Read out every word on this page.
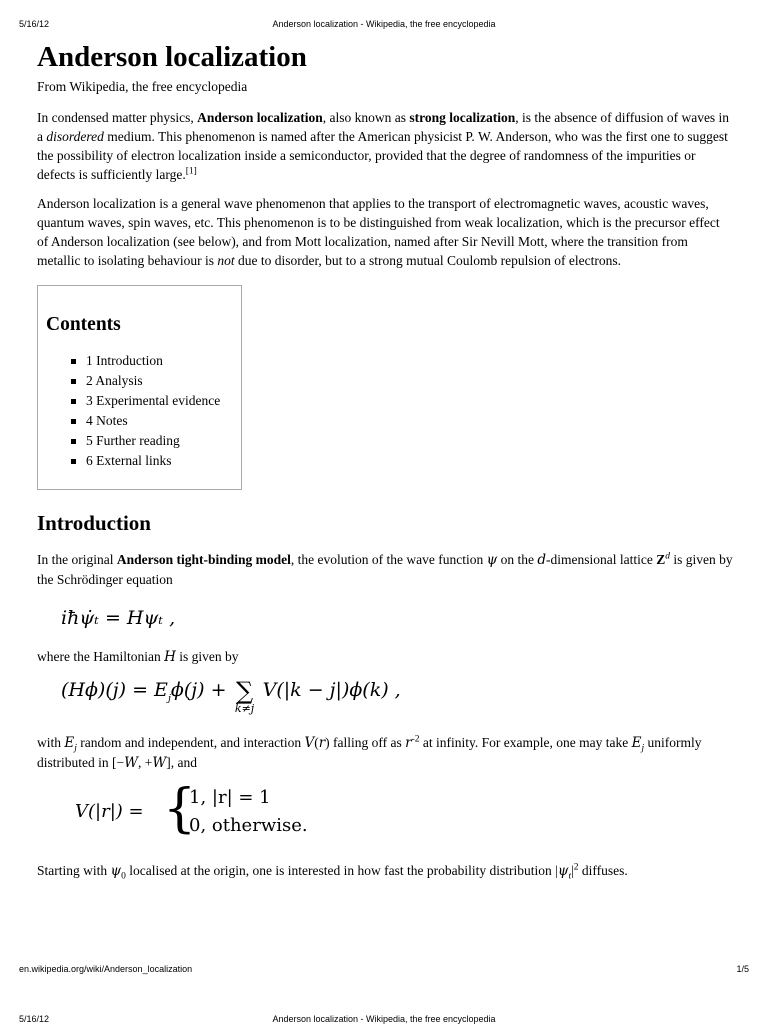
5/16/12	Anderson localization - Wikipedia, the free encyclopedia
Anderson localization
From Wikipedia, the free encyclopedia

In condensed matter physics, Anderson localization, also known as strong localization, is the absence of diffusion of waves in a disordered medium. This phenomenon is named after the American physicist P. W. Anderson, who was the first one to suggest the possibility of electron localization inside a semiconductor, provided that the degree of randomness of the impurities or defects is sufficiently large.[1]

Anderson localization is a general wave phenomenon that applies to the transport of electromagnetic waves, acoustic waves, quantum waves, spin waves, etc. This phenomenon is to be distinguished from weak localization, which is the precursor effect of Anderson localization (see below), and from Mott localization, named after Sir Nevill Mott, where the transition from metallic to isolating behaviour is not due to disorder, but to a strong mutual Coulomb repulsion of electrons.

Contents
1 Introduction
2 Analysis
3 Experimental evidence
4 Notes
5 Further reading
6 External links
Introduction

In the original Anderson tight-binding model, the evolution of the wave function ψ on the d-dimensional lattice $Z^d$ is given by the Schrödinger equation

iħψ̇ₜ = Hψₜ ,

where the Hamiltonian H is given by

$(H\phi)(j) = E_j\phi(j)$ + ∑
k≠j
V(|k − j|)ϕ(k) ,

with $E_j$ random and independent, and interaction V(r) falling off as $r^{-2}$ at infinity. For example, one may take $E_j$ uniformly distributed in [−W, +W], and

V(|r|) = {
1, |r| = 1
0, otherwise.

Starting with $\psi_0$ localised at the origin, one is interested in how fast the probability distribution $|\psi_t|^2$ diffuses.

en.wikipedia.org/wiki/Anderson_localization	1/5
5/16/12	Anderson localization - Wikipedia, the free encyclopedia
